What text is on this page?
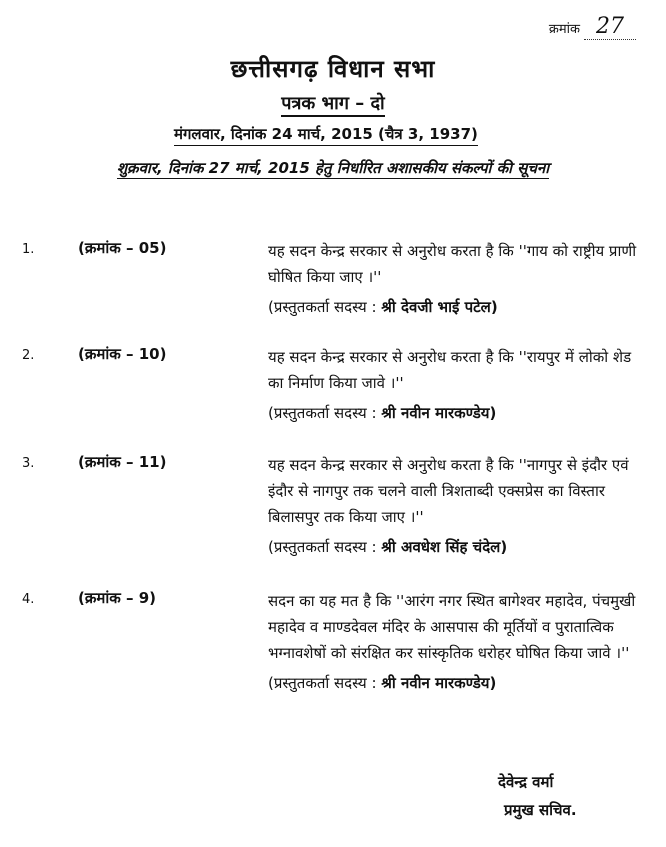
क्रमांक 27
छत्तीसगढ़ विधान सभा
पत्रक भाग – दो
मंगलवार, दिनांक 24 मार्च, 2015 (चैत्र 3, 1937)
शुक्रवार, दिनांक 27 मार्च, 2015 हेतु निर्धारित अशासकीय संकल्पों की सूचना
1.	(क्रमांक – 05)	यह सदन केन्द्र सरकार से अनुरोध करता है कि ''गाय को राष्ट्रीय प्राणी घोषित किया जाए ।''
(प्रस्तुतकर्ता सदस्य : श्री देवजी भाई पटेल)
2.	(क्रमांक – 10)	यह सदन केन्द्र सरकार से अनुरोध करता है कि ''रायपुर में लोको शेड का निर्माण किया जावे ।''
(प्रस्तुतकर्ता सदस्य : श्री नवीन मारकण्डेय)
3.	(क्रमांक – 11)	यह सदन केन्द्र सरकार से अनुरोध करता है कि ''नागपुर से इंदौर एवं इंदौर से नागपुर तक चलने वाली त्रिशताब्दी एक्सप्रेस का विस्तार बिलासपुर तक किया जाए ।''
(प्रस्तुतकर्ता सदस्य : श्री अवधेश सिंह चंदेल)
4.	(क्रमांक – 9)	सदन का यह मत है कि ''आरंग नगर स्थित बागेश्वर महादेव, पंचमुखी महादेव व माण्डदेवल मंदिर के आसपास की मूर्तियों व पुरातात्विक भग्नावशेषों को संरक्षित कर सांस्कृतिक धरोहर घोषित किया जावे ।''
(प्रस्तुतकर्ता सदस्य : श्री नवीन मारकण्डेय)
देवेन्द्र वर्मा
प्रमुख सचिव.
